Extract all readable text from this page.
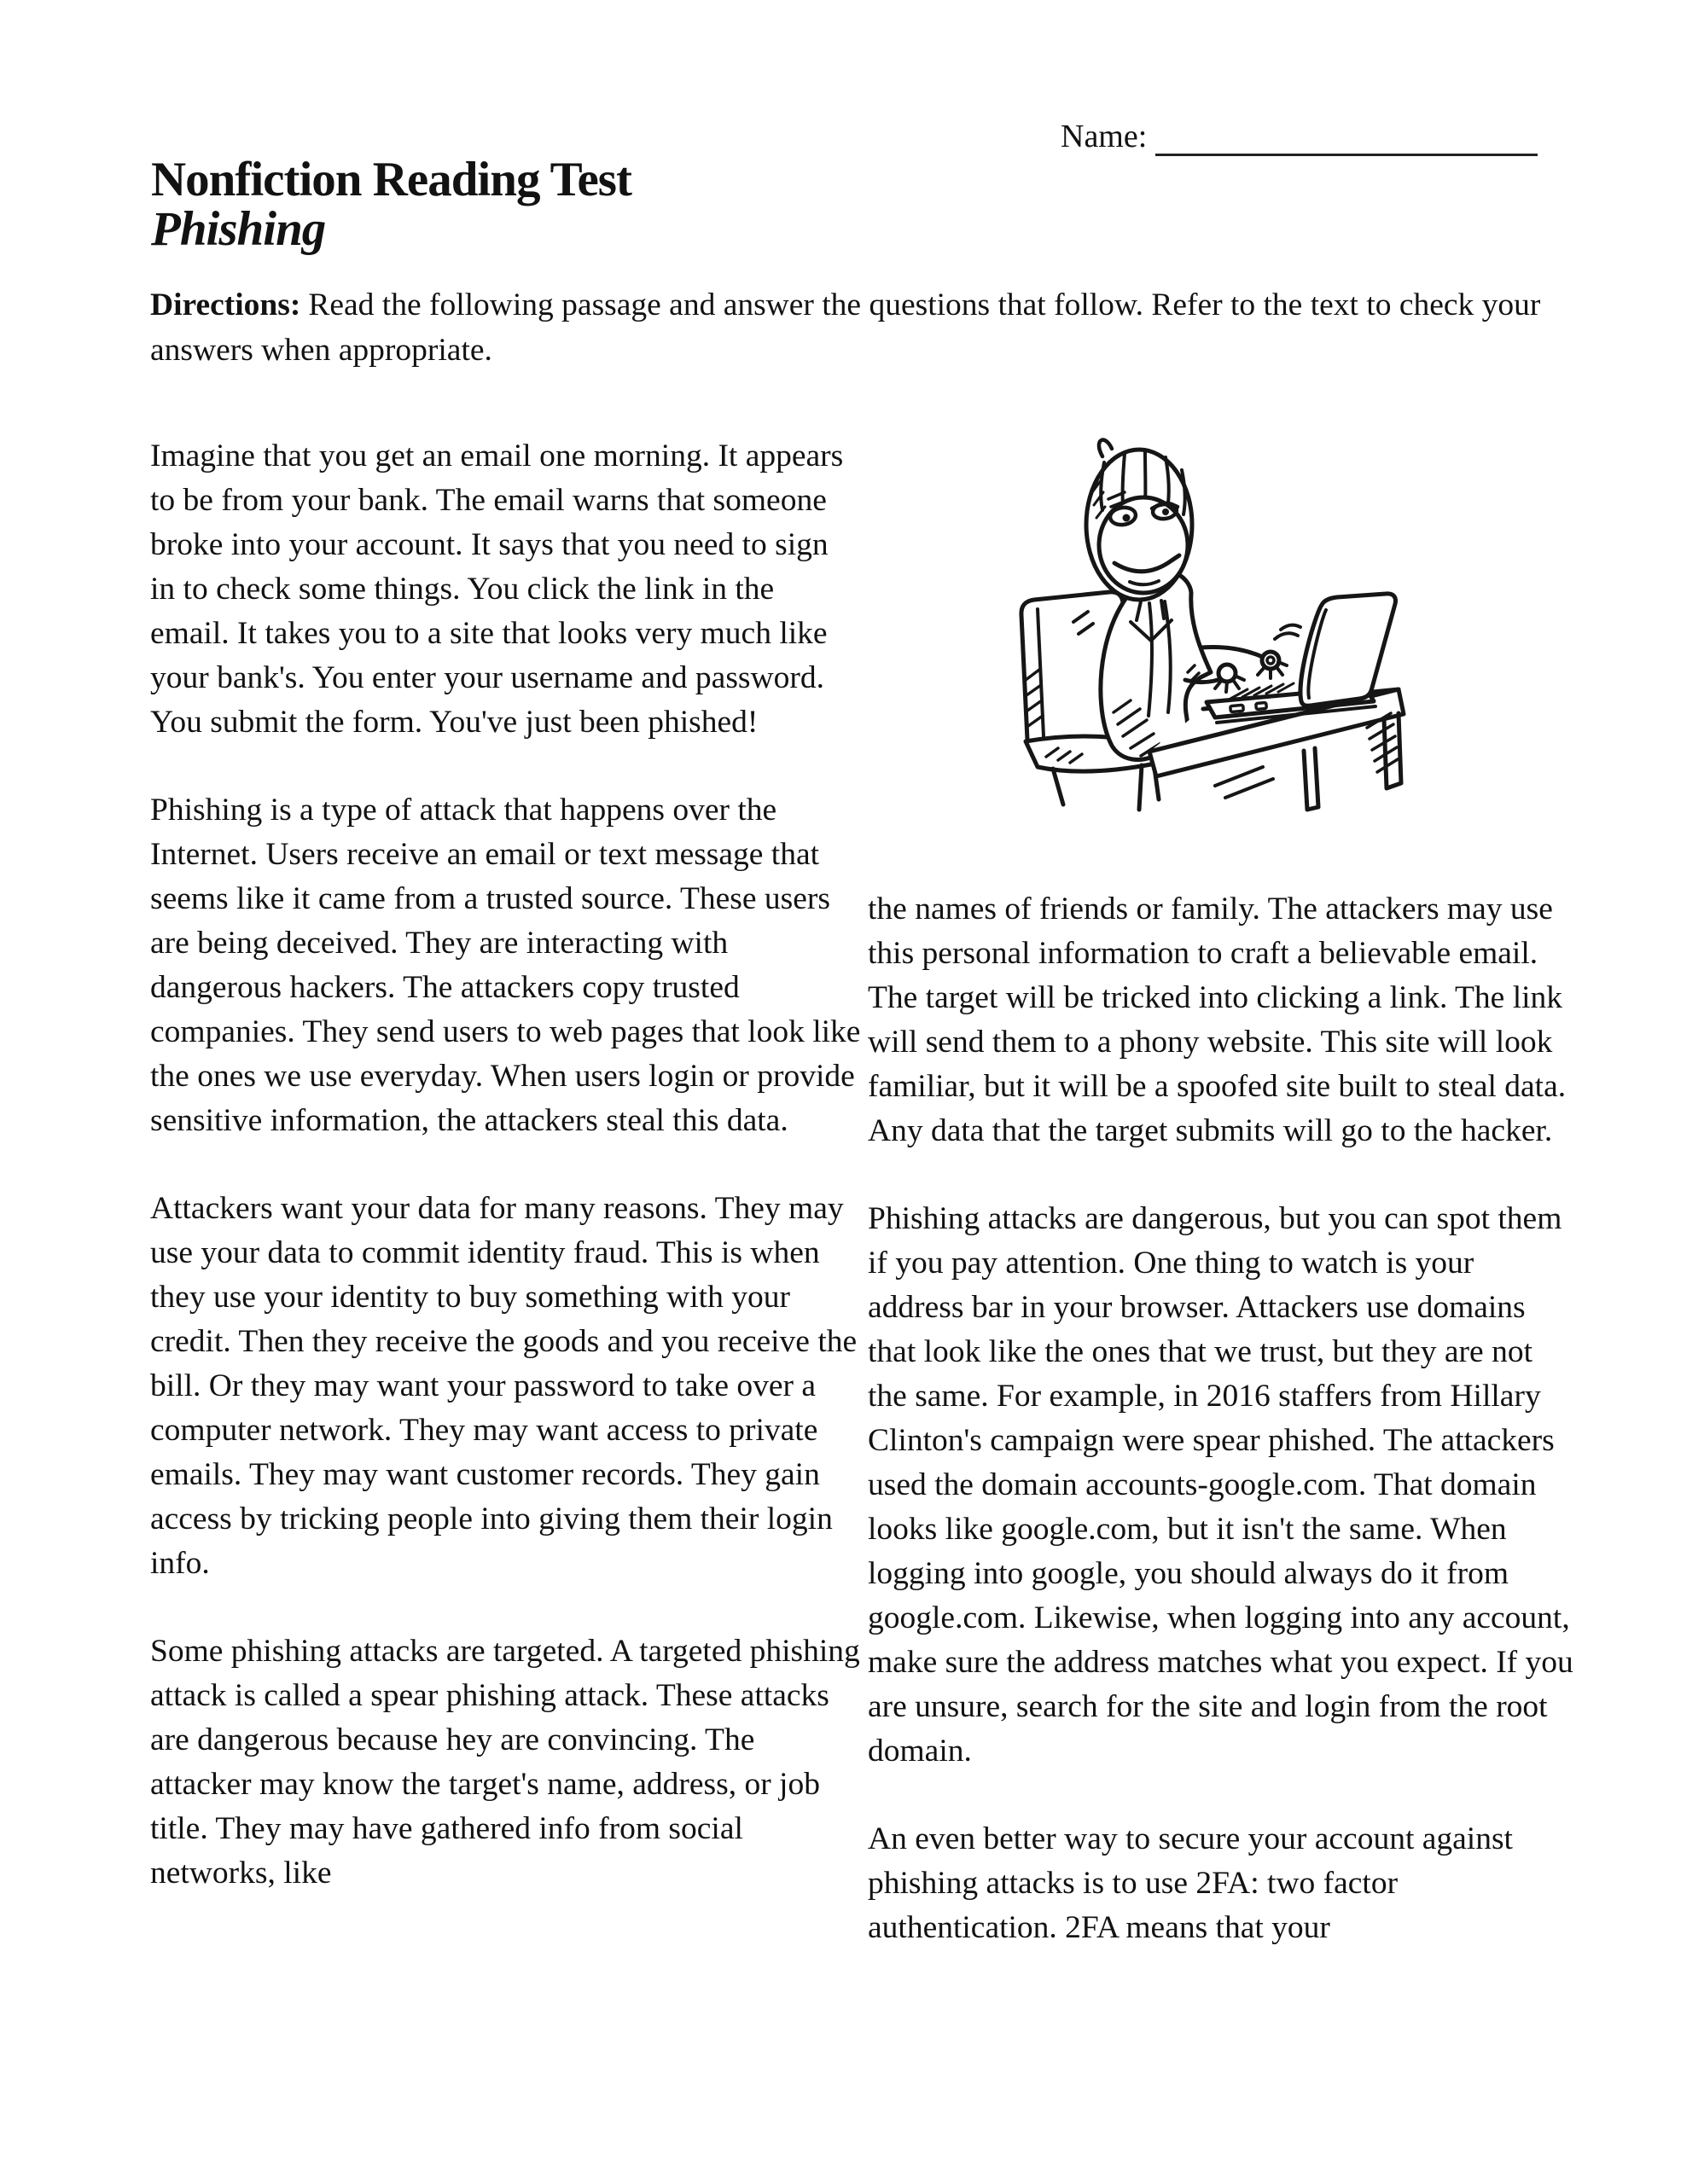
Name:
Nonfiction Reading Test
Phishing
Directions: Read the following passage and answer the questions that follow. Refer to the text to check your answers when appropriate.

Imagine that you get an email one morning. It appears to be from your bank. The email warns that someone broke into your account. It says that you need to sign in to check some things. You click the link in the email. It takes you to a site that looks very much like your bank's. You enter your username and password. You submit the form. You've just been phished!

Phishing is a type of attack that happens over the Internet. Users receive an email or text message that seems like it came from a trusted source. These users are being deceived. They are interacting with dangerous hackers. The attackers copy trusted companies. They send users to web pages that look like the ones we use everyday. When users login or provide sensitive information, the attackers steal this data.

Attackers want your data for many reasons. They may use your data to commit identity fraud. This is when they use your identity to buy something with your credit. Then they receive the goods and you receive the bill. Or they may want your password to take over a computer network. They may want access to private emails. They may want customer records. They gain access by tricking people into giving them their login info.

Some phishing attacks are targeted. A targeted phishing attack is called a spear phishing attack. These attacks are dangerous because hey are convincing. The attacker may know the target's name, address, or job title. They may have gathered info from social networks, like

the names of friends or family. The attackers may use this personal information to craft a believable email. The target will be tricked into clicking a link. The link will send them to a phony website. This site will look familiar, but it will be a spoofed site built to steal data. Any data that the target submits will go to the hacker.

Phishing attacks are dangerous, but you can spot them if you pay attention. One thing to watch is your address bar in your browser. Attackers use domains that look like the ones that we trust, but they are not the same. For example, in 2016 staffers from Hillary Clinton's campaign were spear phished. The attackers used the domain accounts-google.com. That domain looks like google.com, but it isn't the same. When logging into google, you should always do it from google.com. Likewise, when logging into any account, make sure the address matches what you expect. If you are unsure, search for the site and login from the root domain.

An even better way to secure your account against phishing attacks is to use 2FA: two factor authentication. 2FA means that your
